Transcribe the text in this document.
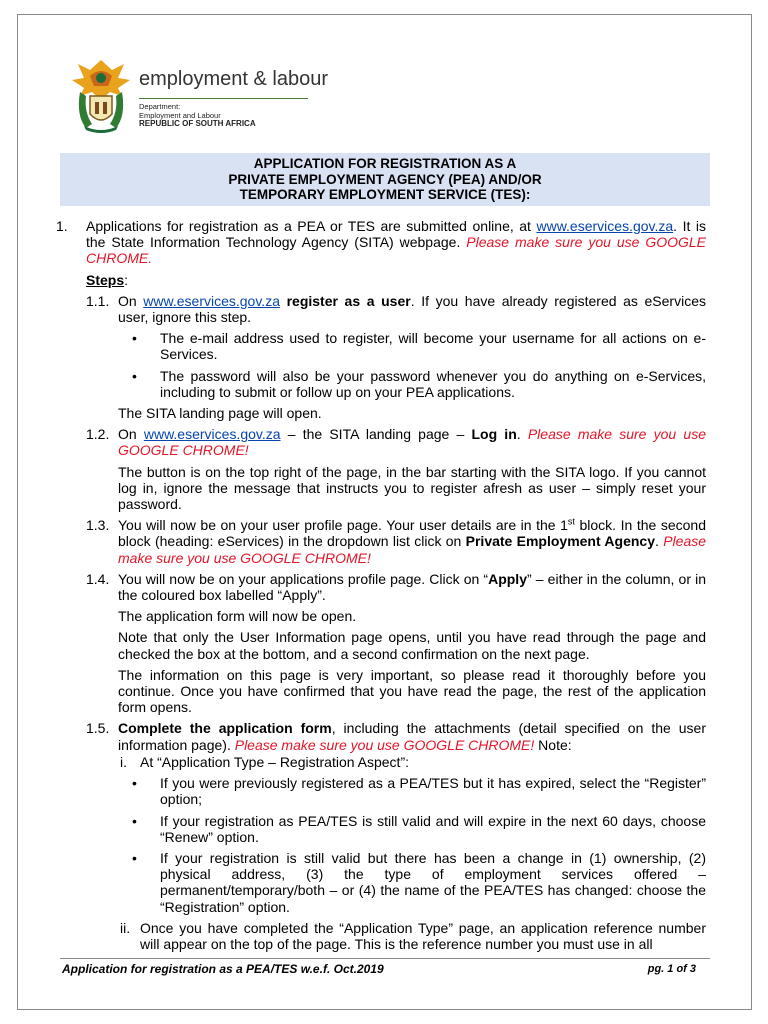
employment & labour
Department:
Employment and Labour
REPUBLIC OF SOUTH AFRICA
APPLICATION FOR REGISTRATION AS A
PRIVATE EMPLOYMENT AGENCY (PEA) AND/OR
TEMPORARY EMPLOYMENT SERVICE (TES):
1. Applications for registration as a PEA or TES are submitted online, at www.eservices.gov.za. It is the State Information Technology Agency (SITA) webpage. Please make sure you use GOOGLE CHROME.
Steps:
1.1. On www.eservices.gov.za register as a user. If you have already registered as eServices user, ignore this step.
• The e-mail address used to register, will become your username for all actions on e-Services.
• The password will also be your password whenever you do anything on e-Services, including to submit or follow up on your PEA applications.
The SITA landing page will open.
1.2. On www.eservices.gov.za – the SITA landing page – Log in. Please make sure you use GOOGLE CHROME!
The button is on the top right of the page, in the bar starting with the SITA logo. If you cannot log in, ignore the message that instructs you to register afresh as user – simply reset your password.
1.3. You will now be on your user profile page. Your user details are in the 1st block. In the second block (heading: eServices) in the dropdown list click on Private Employment Agency. Please make sure you use GOOGLE CHROME!
1.4. You will now be on your applications profile page. Click on “Apply” – either in the column, or in the coloured box labelled “Apply”.
The application form will now be open.
Note that only the User Information page opens, until you have read through the page and checked the box at the bottom, and a second confirmation on the next page.
The information on this page is very important, so please read it thoroughly before you continue. Once you have confirmed that you have read the page, the rest of the application form opens.
1.5. Complete the application form, including the attachments (detail specified on the user information page). Please make sure you use GOOGLE CHROME! Note:
i. At “Application Type – Registration Aspect”:
• If you were previously registered as a PEA/TES but it has expired, select the “Register” option;
• If your registration as PEA/TES is still valid and will expire in the next 60 days, choose “Renew” option.
• If your registration is still valid but there has been a change in (1) ownership, (2) physical address, (3) the type of employment services offered – permanent/temporary/both – or (4) the name of the PEA/TES has changed: choose the “Registration” option.
ii. Once you have completed the “Application Type” page, an application reference number will appear on the top of the page. This is the reference number you must use in all
Application for registration as a PEA/TES w.e.f. Oct.2019	pg. 1 of 3
